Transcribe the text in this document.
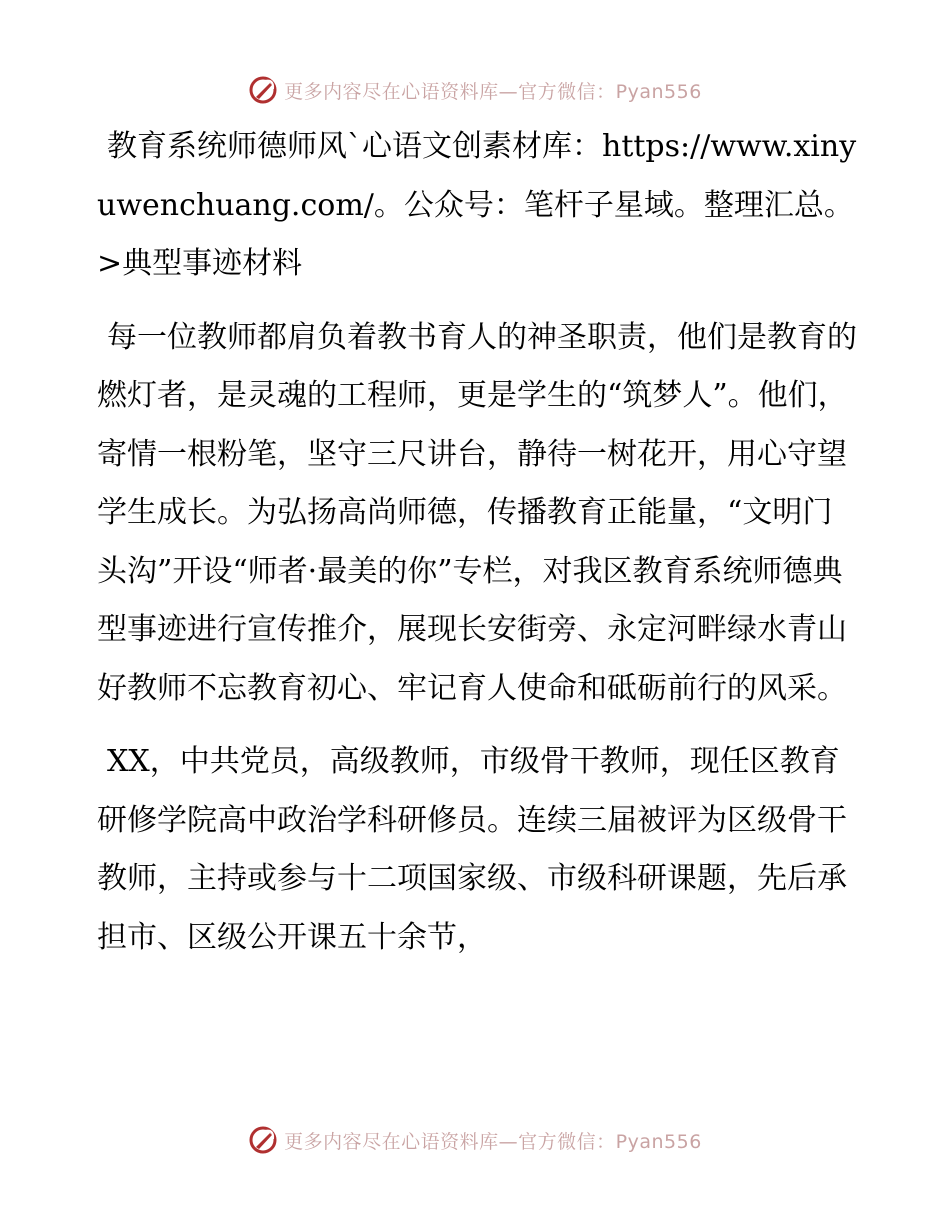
更多内容尽在心语资料库—官方微信：Pyan556

教育系统师德师风ˋ心语文创素材库：https://www.xinyuwenchuang.com/。公众号：笔杆子星域。整理汇总。>典型事迹材料

每一位教师都肩负着教书育人的神圣职责，他们是教育的燃灯者，是灵魂的工程师，更是学生的“筑梦人”。他们，寄情一根粉笔，坚守三尺讲台，静待一树花开，用心守望学生成长。为弘扬高尚师德，传播教育正能量，“文明门头沟”开设“师者·最美的你”专栏，对我区教育系统师德典型事迹进行宣传推介，展现长安街旁、永定河畔绿水青山好教师不忘教育初心、牢记育人使命和砥砺前行的风采。

XX，中共党员，高级教师，市级骨干教师，现任区教育研修学院高中政治学科研修员。连续三届被评为区级骨干教师，主持或参与十二项国家级、市级科研课题，先后承担市、区级公开课五十余节，

更多内容尽在心语资料库—官方微信：Pyan556
